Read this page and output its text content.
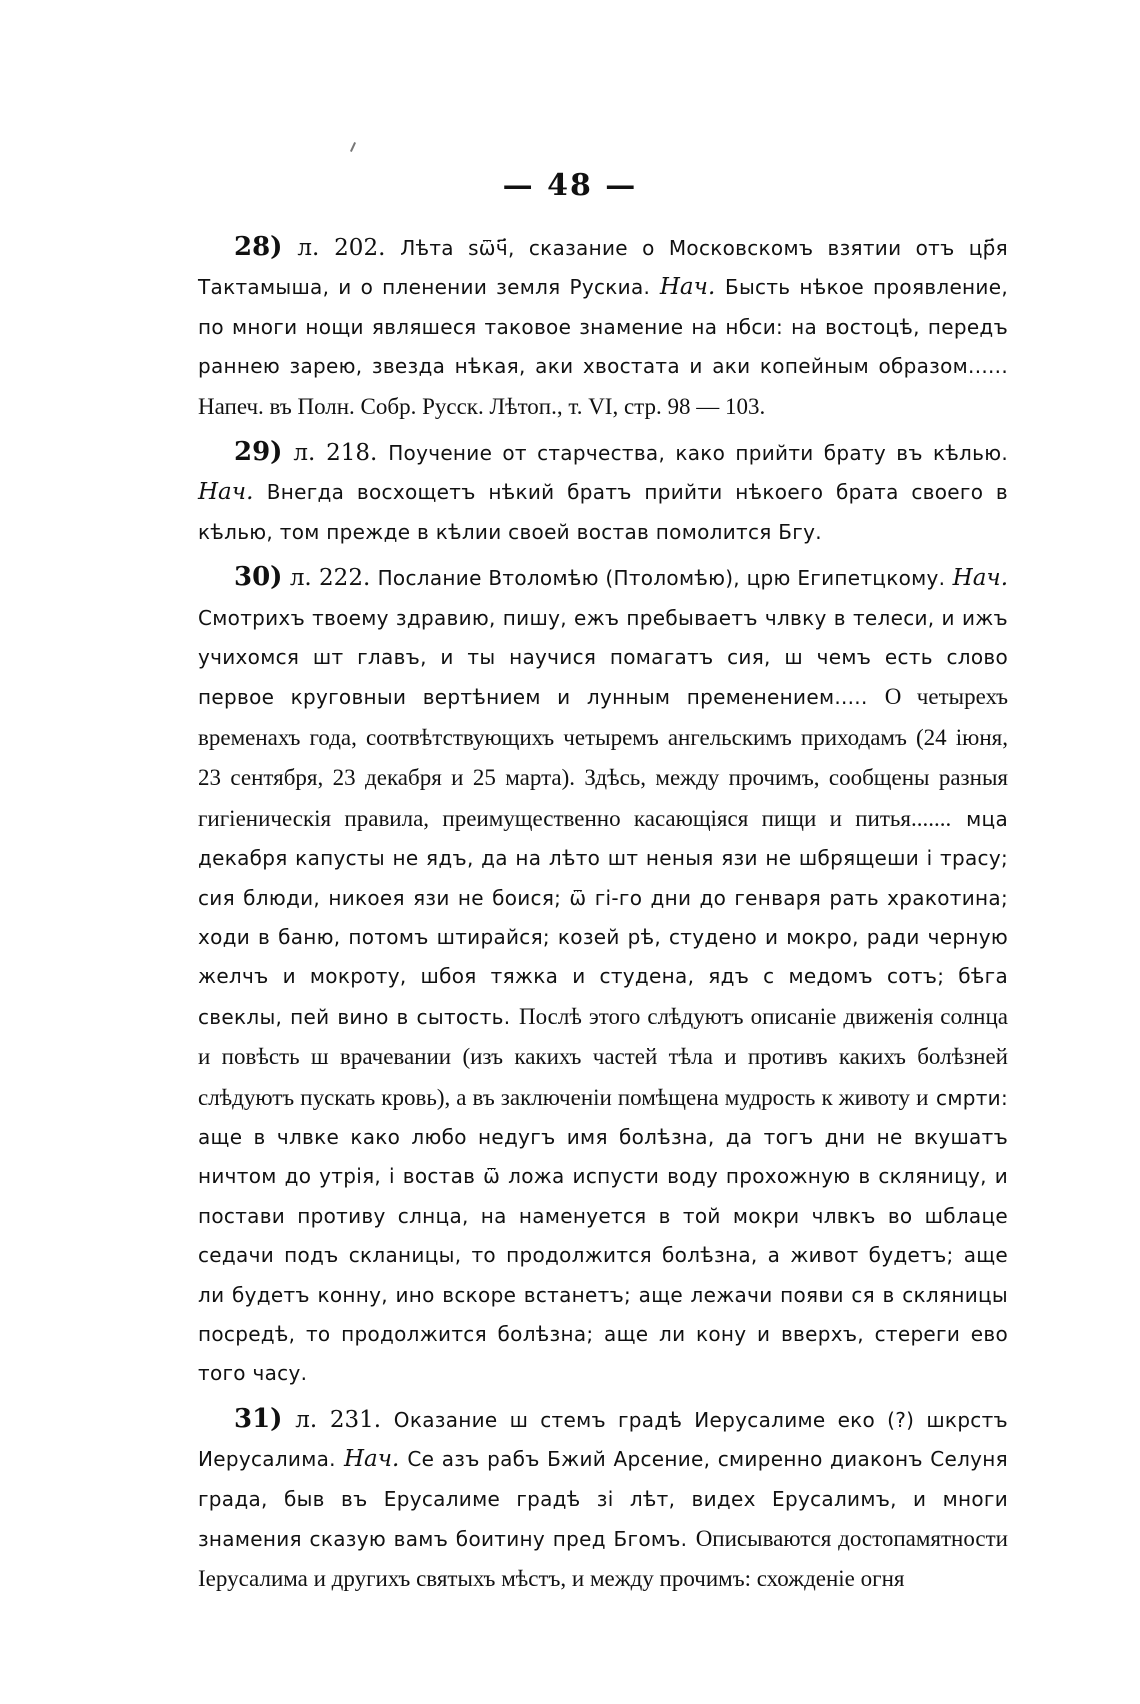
— 48 —

28) л. 202. Лѣта ѕѿч҃, сказание о Московскомъ взятии отъ цр҃я Тактамыша, и о пленении земля Рускиа. Нач. Бысть нѣкое проявление, по многи нощи являшеся таковое знамение на нбси: на востоцѣ, передъ раннею зарею, звезда нѣкая, аки хвостата и аки копейным образом...... Напеч. въ Полн. Собр. Русск. Лѣтоп., т. VI, стр. 98 — 103.

29) л. 218. Поучение от старчества, како прийти брату въ кѣлью. Нач. Внегда восхощетъ нѣкий братъ прийти нѣкоего брата своего в кѣлью, том прежде в кѣлии своей востав помолится Бгу.

30) л. 222. Послание Втоломѣю (Птоломѣю), црю Египетцкому. Нач. Смотрихъ твоему здравию, пишу, ежъ пребываетъ члвку в телеси, и ижъ учихомся шт главъ, и ты научися помагатъ сия, ш чемъ есть слово первое круговныи вертѣнием и лунным пременением..... О четырехъ временахъ года, соотвѣтствующихъ четыремъ ангельскимъ приходамъ (24 іюня, 23 сентября, 23 декабря и 25 марта). Здѣсь, между прочимъ, сообщены разныя гигіеническія правила, преимущественно касающіяся пищи и питья....... мца декабря капусты не ядъ, да на лѣто шт неныя язи не шбрящеши і трасу; сия блюди, никоея язи не боися; ѿ гі-го дни до генваря рать хракотина; ходи в баню, потомъ штирайся; козей рѣ, студено и мокро, ради черную желчъ и мокроту, шбоя тяжка и студена, ядъ с медомъ сотъ; бѣга свеклы, пей вино в сытость. Послѣ этого слѣдуютъ описаніе движенія солнца и повѣсть ш врачевании (изъ какихъ частей тѣла и противъ какихъ болѣзней слѣдуютъ пускать кровь), а въ заключеніи помѣщена мудрость к животу и смрти: аще в члвке како любо недугъ имя болѣзна, да тогъ дни не вкушатъ ничтом до утрія, і востав ѿ ложа испусти воду прохожную в скляницу, и постави противу слнца, на наменуется в той мокри члвкъ во шблаце седачи подъ скланицы, то продолжится болѣзна, а живот будетъ; аще ли будетъ конну, ино вскоре встанетъ; аще лежачи появи ся в скляницы посредѣ, то продолжится болѣзна; аще ли кону и вверхъ, стереги ево того часу.

31) л. 231. Оказание ш стемъ градѣ Иерусалиме еко (?) шкрстъ Иерусалима. Нач. Се азъ рабъ Бжий Арсение, смиренно диаконъ Селуня града, быв въ Ерусалиме градѣ зі лѣт, видех Ерусалимъ, и многи знамения сказую вамъ боитину пред Бгомъ. Описываются достопамятности Іерусалима и другихъ святыхъ мѣстъ, и между прочимъ: схожденіе огня
